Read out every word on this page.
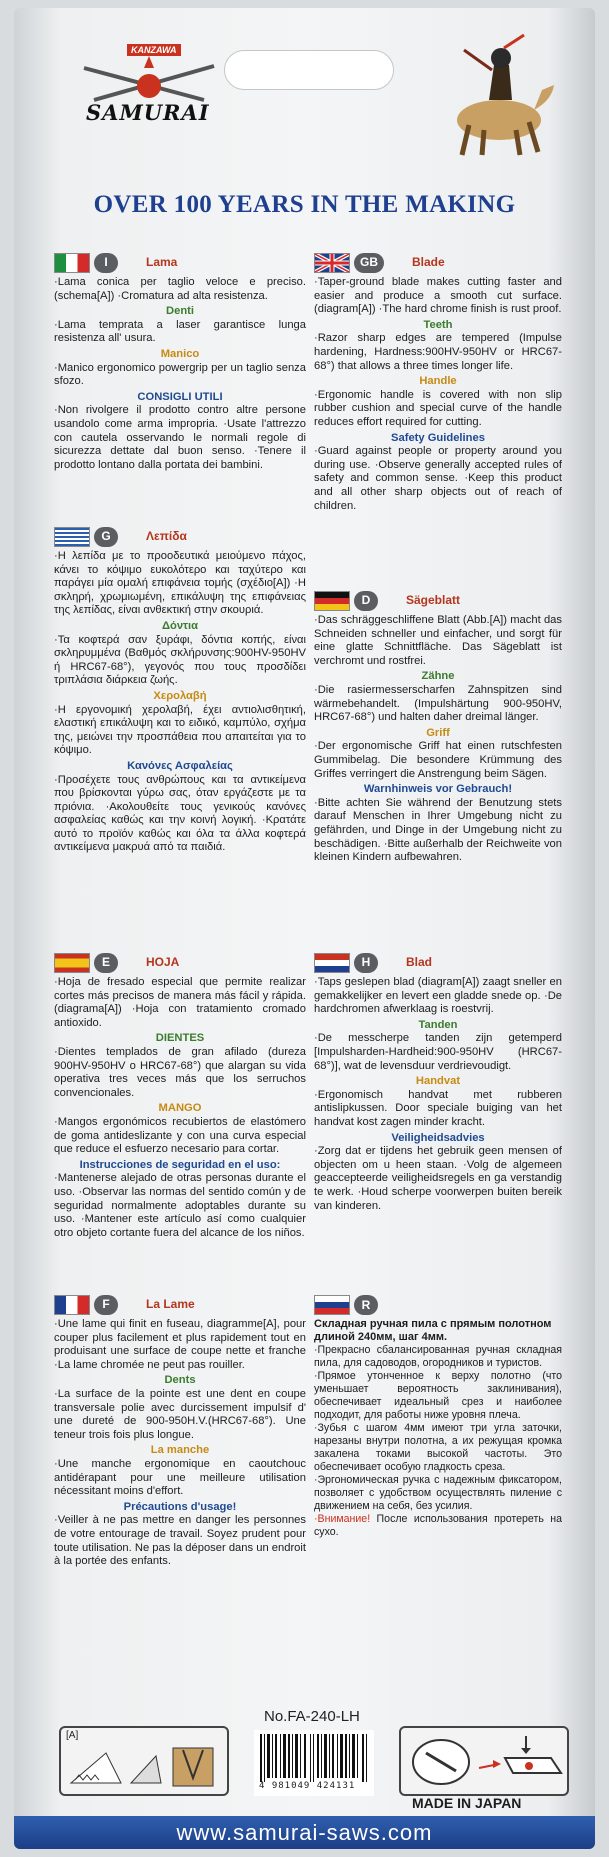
KANZAWA
SAMURAI
OVER 100 YEARS IN THE MAKING
I	Lama

·Lama conica per taglio veloce e preciso. (schema[A]) ·Cromatura ad alta resistenza.

Denti

·Lama temprata a laser garantisce lunga resistenza all' usura.

Manico

·Manico ergonomico powergrip per un taglio senza sfozo.

CONSIGLI UTILI

·Non rivolgere il prodotto contro altre persone usandolo come arma impropria. ·Usate l'attrezzo con cautela osservando le normali regole di sicurezza dettate dal buon senso. ·Tenere il prodotto lontano dalla portata dei bambini.

GB	Blade

·Taper-ground blade makes cutting faster and easier and produce a smooth cut surface. (diagram[A]) ·The hard chrome finish is rust proof.

Teeth

·Razor sharp edges are tempered (Impulse hardening, Hardness:900HV-950HV or HRC67-68°) that allows a three times longer life.

Handle

·Ergonomic handle is covered with non slip rubber cushion and special curve of the handle reduces effort required for cutting.

Safety Guidelines

·Guard against people or property around you during use. ·Observe generally accepted rules of safety and common sense. ·Keep this product and all other sharp objects out of reach of children.

G	Λεπίδα

·Η λεπίδα με το προοδευτικά μειούμενο πάχος, κάνει το κόψιμο ευκολότερο και ταχύτερο και παράγει μία ομαλή επιφάνεια τομής (σχέδιο[A]) ·Η σκληρή, χρωμιωμένη, επικάλυψη της επιφάνειας της λεπίδας, είναι ανθεκτική στην σκουριά.

Δόντια

·Τα κοφτερά σαν ξυράφι, δόντια κοπής, είναι σκληρυμμένα (Βαθμός σκλήρυνσης:900HV-950HV ή HRC67-68°), γεγονός που τους προσδίδει τριπλάσια διάρκεια ζωής.

Χερολαβή

·Η εργονομική χερολαβή, έχει αντιολισθητική, ελαστική επικάλυψη και το ειδικό, καμπύλο, σχήμα της, μειώνει την προσπάθεια που απαιτείται για το κόψιμο.

Κανόνες Ασφαλείας

·Προσέχετε τους ανθρώπους και τα αντικείμενα που βρίσκονται γύρω σας, όταν εργάζεστε με τα πριόνια. ·Ακολουθείτε τους γενικούς κανόνες ασφαλείας καθώς και την κοινή λογική. ·Κρατάτε αυτό το προϊόν καθώς και όλα τα άλλα κοφτερά αντικείμενα μακρυά από τα παιδιά.

D	Sägeblatt

·Das schräggeschliffene Blatt (Abb.[A]) macht das Schneiden schneller und einfacher, und sorgt für eine glatte Schnittfläche. Das Sägeblatt ist verchromt und rostfrei.

Zähne

·Die rasiermesserscharfen Zahnspitzen sind wärmebehandelt. (Impulshärtung 900-950HV, HRC67-68°) und halten daher dreimal länger.

Griff

·Der ergonomische Griff hat einen rutschfesten Gummibelag. Die besondere Krümmung des Griffes verringert die Anstrengung beim Sägen.

Warnhinweis vor Gebrauch!

·Bitte achten Sie während der Benutzung stets darauf Menschen in Ihrer Umgebung nicht zu gefährden, und Dinge in der Umgebung nicht zu beschädigen. ·Bitte außerhalb der Reichweite von kleinen Kindern aufbewahren.

E	HOJA

·Hoja de fresado especial que permite realizar cortes más precisos de manera más fácil y rápida. (diagrama[A]) ·Hoja con tratamiento cromado antioxido.

DIENTES

·Dientes templados de gran afilado (dureza 900HV-950HV o HRC67-68°) que alargan su vida operativa tres veces más que los serruchos convencionales.

MANGO

·Mangos ergonómicos recubiertos de elastómero de goma antideslizante y con una curva especial que reduce el esfuerzo necesario para cortar.

Instrucciones de seguridad en el uso:

·Mantenerse alejado de otras personas durante el uso. ·Observar las normas del sentido común y de seguridad normalmente adoptables durante su uso. ·Mantener este artículo así como cualquier otro objeto cortante fuera del alcance de los niños.

H	Blad

·Taps geslepen blad (diagram[A]) zaagt sneller en gemakkelijker en levert een gladde snede op. ·De hardchromen afwerklaag is roestvrij.

Tanden

·De messcherpe tanden zijn getemperd [Impulsharden-Hardheid:900-950HV (HRC67-68°)], wat de levensduur verdrievoudigt.

Handvat

·Ergonomisch handvat met rubberen antislipkussen. Door speciale buiging van het handvat kost zagen minder kracht.

Veiligheidsadvies

·Zorg dat er tijdens het gebruik geen mensen of objecten om u heen staan. ·Volg de algemeen geaccepteerde veiligheidsregels en ga verstandig te werk. ·Houd scherpe voorwerpen buiten bereik van kinderen.

F	La Lame

·Une lame qui finit en fuseau, diagramme[A], pour couper plus facilement et plus rapidement tout en produisant une surface de coupe nette et franche ·La lame chromée ne peut pas rouiller.

Dents

·La surface de la pointe est une dent en coupe transversale polie avec durcissement impulsif d' une dureté de 900-950H.V.(HRC67-68°). Une teneur trois fois plus longue.

La manche

·Une manche ergonomique en caoutchouc antidérapant pour une meilleure utilisation nécessitant moins d'effort.

Précautions d'usage!

·Veiller à ne pas mettre en danger les personnes de votre entourage de travail. Soyez prudent pour toute utilisation. Ne pas la déposer dans un endroit à la portée des enfants.

R

Складная ручная пила с прямым полотном длиной 240мм, шаг 4мм.

·Прекрасно сбалансированная ручная складная пила, для садоводов, огородников и туристов.

·Прямое утонченное к верху полотно (что уменьшает вероятность заклинивания), обеспечивает идеальный срез и наиболее подходит, для работы ниже уровня плеча.

·Зубья с шагом 4мм имеют три угла заточки, нарезаны внутри полотна, а их режущая кромка закалена токами высокой частоты. Это обеспечивает особую гладкость среза.

·Эргономическая ручка с надежным фиксатором, позволяет с удобством осуществлять пиление с движением на себя, без усилия.

·Внимание! После использования протереть на сухо.

No.FA-240-LH
[A]
4 981049 424131
MADE IN JAPAN
www.samurai-saws.com
